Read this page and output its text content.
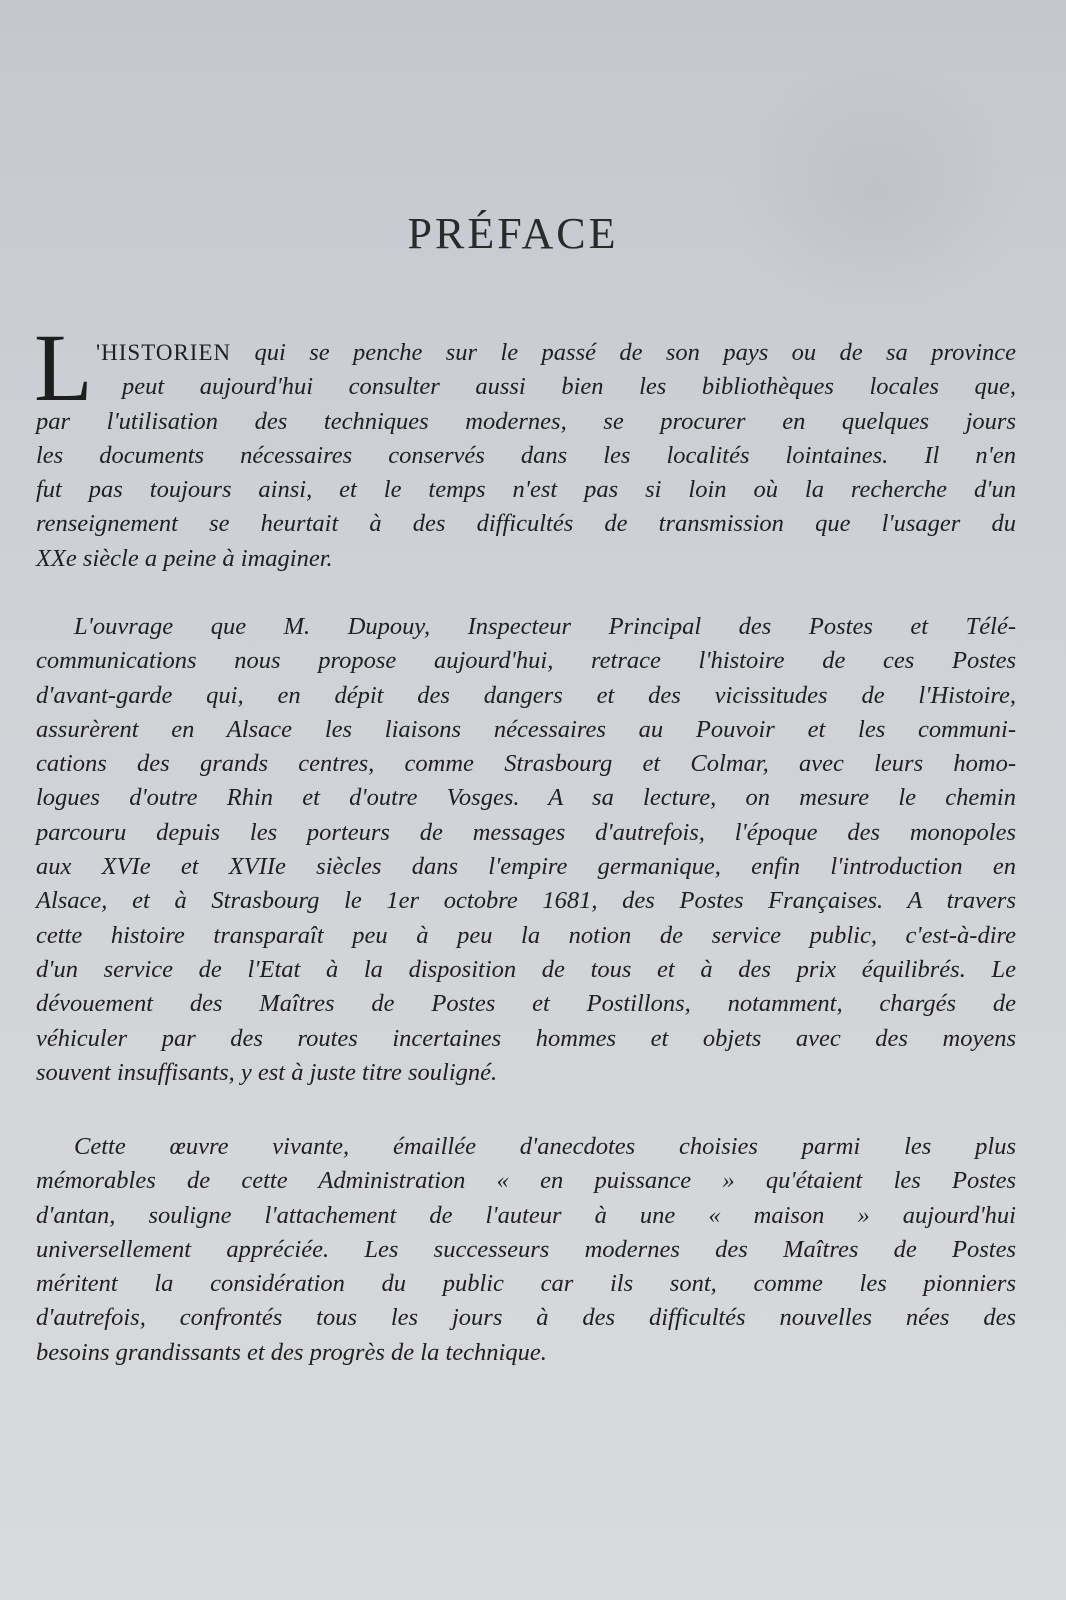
PRÉFACE
L 'HISTORIEN qui se penche sur le passé de son pays ou de sa province
peut aujourd'hui consulter aussi bien les bibliothèques locales que,
par l'utilisation des techniques modernes, se procurer en quelques jours
les documents nécessaires conservés dans les localités lointaines. Il n'en
fut pas toujours ainsi, et le temps n'est pas si loin où la recherche d'un
renseignement se heurtait à des difficultés de transmission que l'usager du
XXe siècle a peine à imaginer.
L'ouvrage que M. Dupouy, Inspecteur Principal des Postes et Télé-
communications nous propose aujourd'hui, retrace l'histoire de ces Postes
d'avant-garde qui, en dépit des dangers et des vicissitudes de l'Histoire,
assurèrent en Alsace les liaisons nécessaires au Pouvoir et les communi-
cations des grands centres, comme Strasbourg et Colmar, avec leurs homo-
logues d'outre Rhin et d'outre Vosges. A sa lecture, on mesure le chemin
parcouru depuis les porteurs de messages d'autrefois, l'époque des monopoles
aux XVIe et XVIIe siècles dans l'empire germanique, enfin l'introduction en
Alsace, et à Strasbourg le 1er octobre 1681, des Postes Françaises. A travers
cette histoire transparaît peu à peu la notion de service public, c'est-à-dire
d'un service de l'Etat à la disposition de tous et à des prix équilibrés. Le
dévouement des Maîtres de Postes et Postillons, notamment, chargés de
véhiculer par des routes incertaines hommes et objets avec des moyens
souvent insuffisants, y est à juste titre souligné.
Cette œuvre vivante, émaillée d'anecdotes choisies parmi les plus
mémorables de cette Administration « en puissance » qu'étaient les Postes
d'antan, souligne l'attachement de l'auteur à une « maison » aujourd'hui
universellement appréciée. Les successeurs modernes des Maîtres de Postes
méritent la considération du public car ils sont, comme les pionniers
d'autrefois, confrontés tous les jours à des difficultés nouvelles nées des
besoins grandissants et des progrès de la technique.
